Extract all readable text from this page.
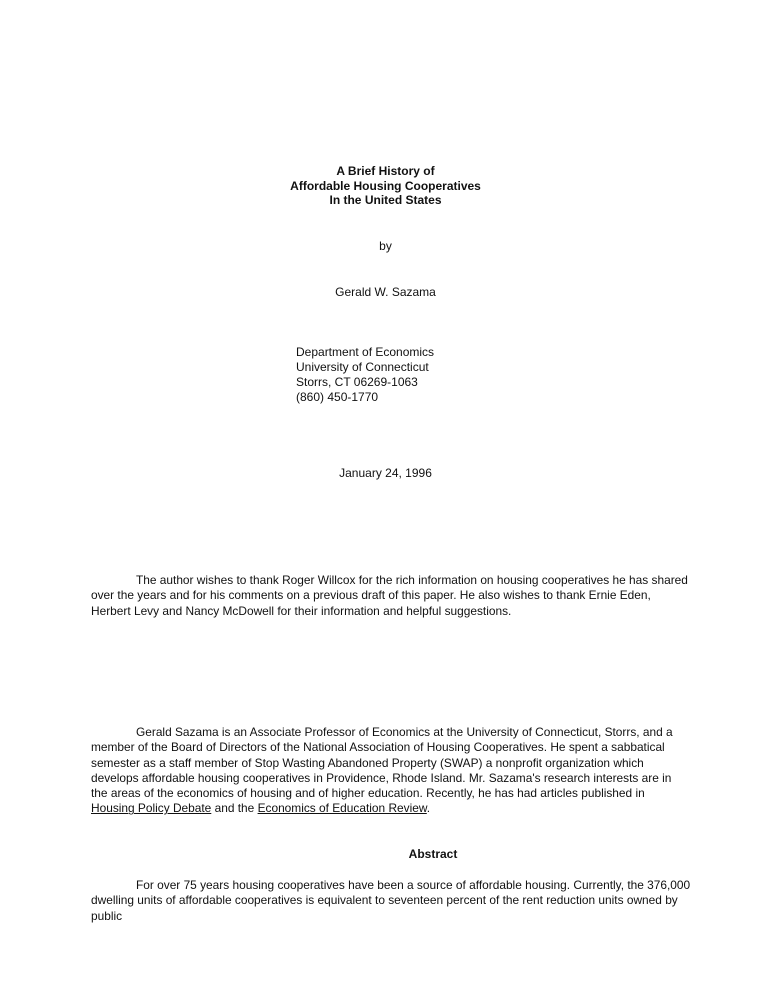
A Brief History of
Affordable Housing Cooperatives
In the United States
by
Gerald W. Sazama
Department of Economics
University of Connecticut
Storrs, CT 06269-1063
(860) 450-1770
January 24, 1996
The author wishes to thank Roger Willcox for the rich information on housing cooperatives he has shared over the years and for his comments on a previous draft of this paper. He also wishes to thank Ernie Eden, Herbert Levy and Nancy McDowell for their information and helpful suggestions.
Gerald Sazama is an Associate Professor of Economics at the University of Connecticut, Storrs, and a member of the Board of Directors of the National Association of Housing Cooperatives. He spent a sabbatical semester as a staff member of Stop Wasting Abandoned Property (SWAP) a nonprofit organization which develops affordable housing cooperatives in Providence, Rhode Island. Mr. Sazama's research interests are in the areas of the economics of housing and of higher education. Recently, he has had articles published in Housing Policy Debate and the Economics of Education Review.
Abstract
For over 75 years housing cooperatives have been a source of affordable housing. Currently, the 376,000 dwelling units of affordable cooperatives is equivalent to seventeen percent of the rent reduction units owned by public
